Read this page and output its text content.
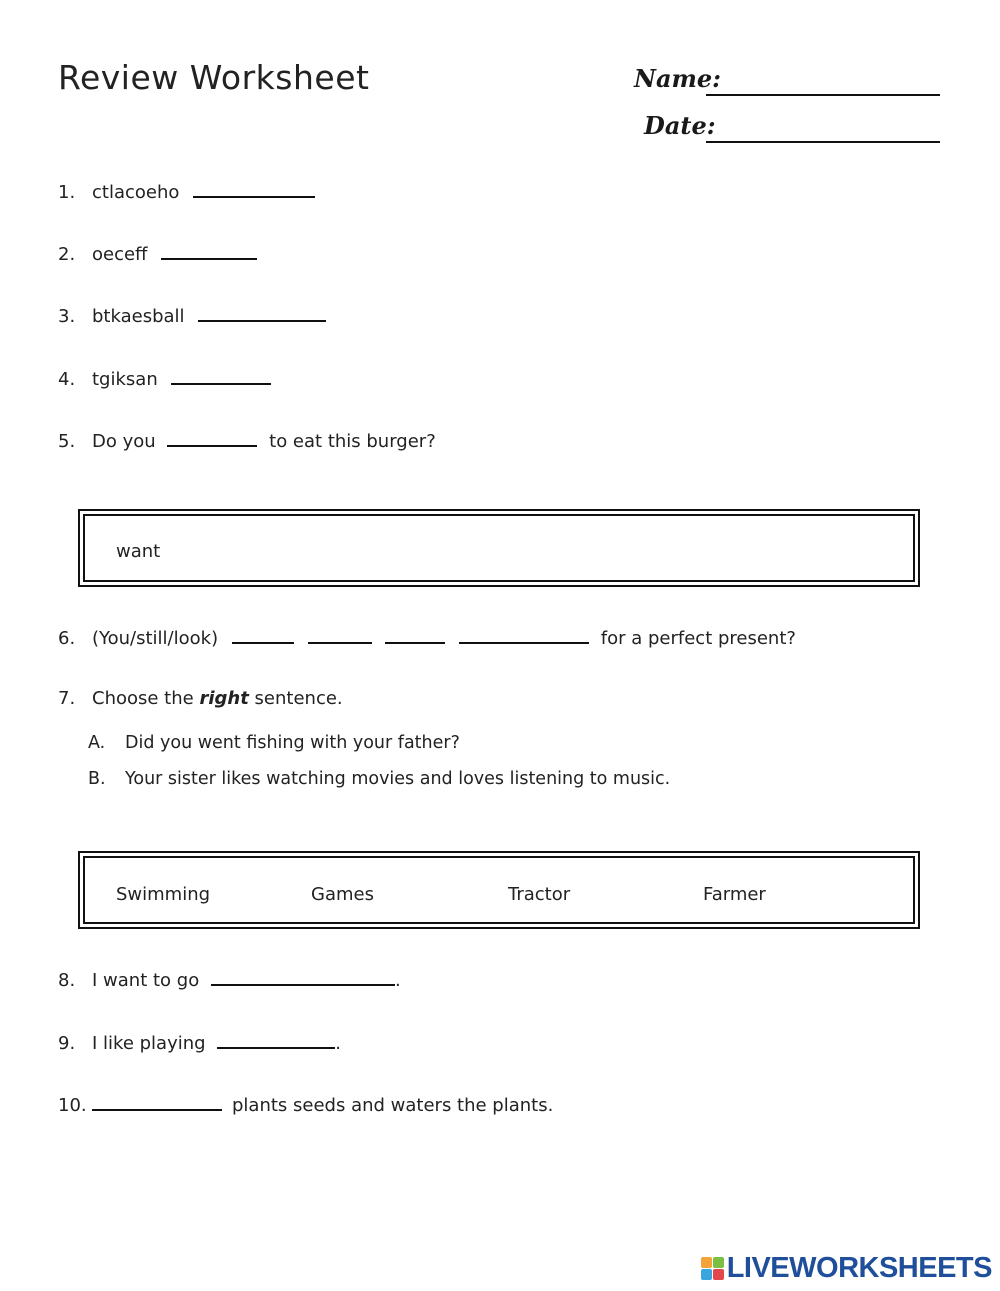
Review Worksheet	Name:
Date:
1. ctlacoeho
2. oeceff
3. btkaesball
4. tgiksan
5. Do you	to eat this burger?
want
6. (You/still/look)	for a perfect present?
7. Choose the right sentence.
A. Did you went fishing with your father?
B. Your sister likes watching movies and loves listening to music.
Swimming	Games	Tractor	Farmer
8. I want to go	.
9. I like playing	.
10.	plants seeds and waters the plants.
LIVEWORKSHEETS
